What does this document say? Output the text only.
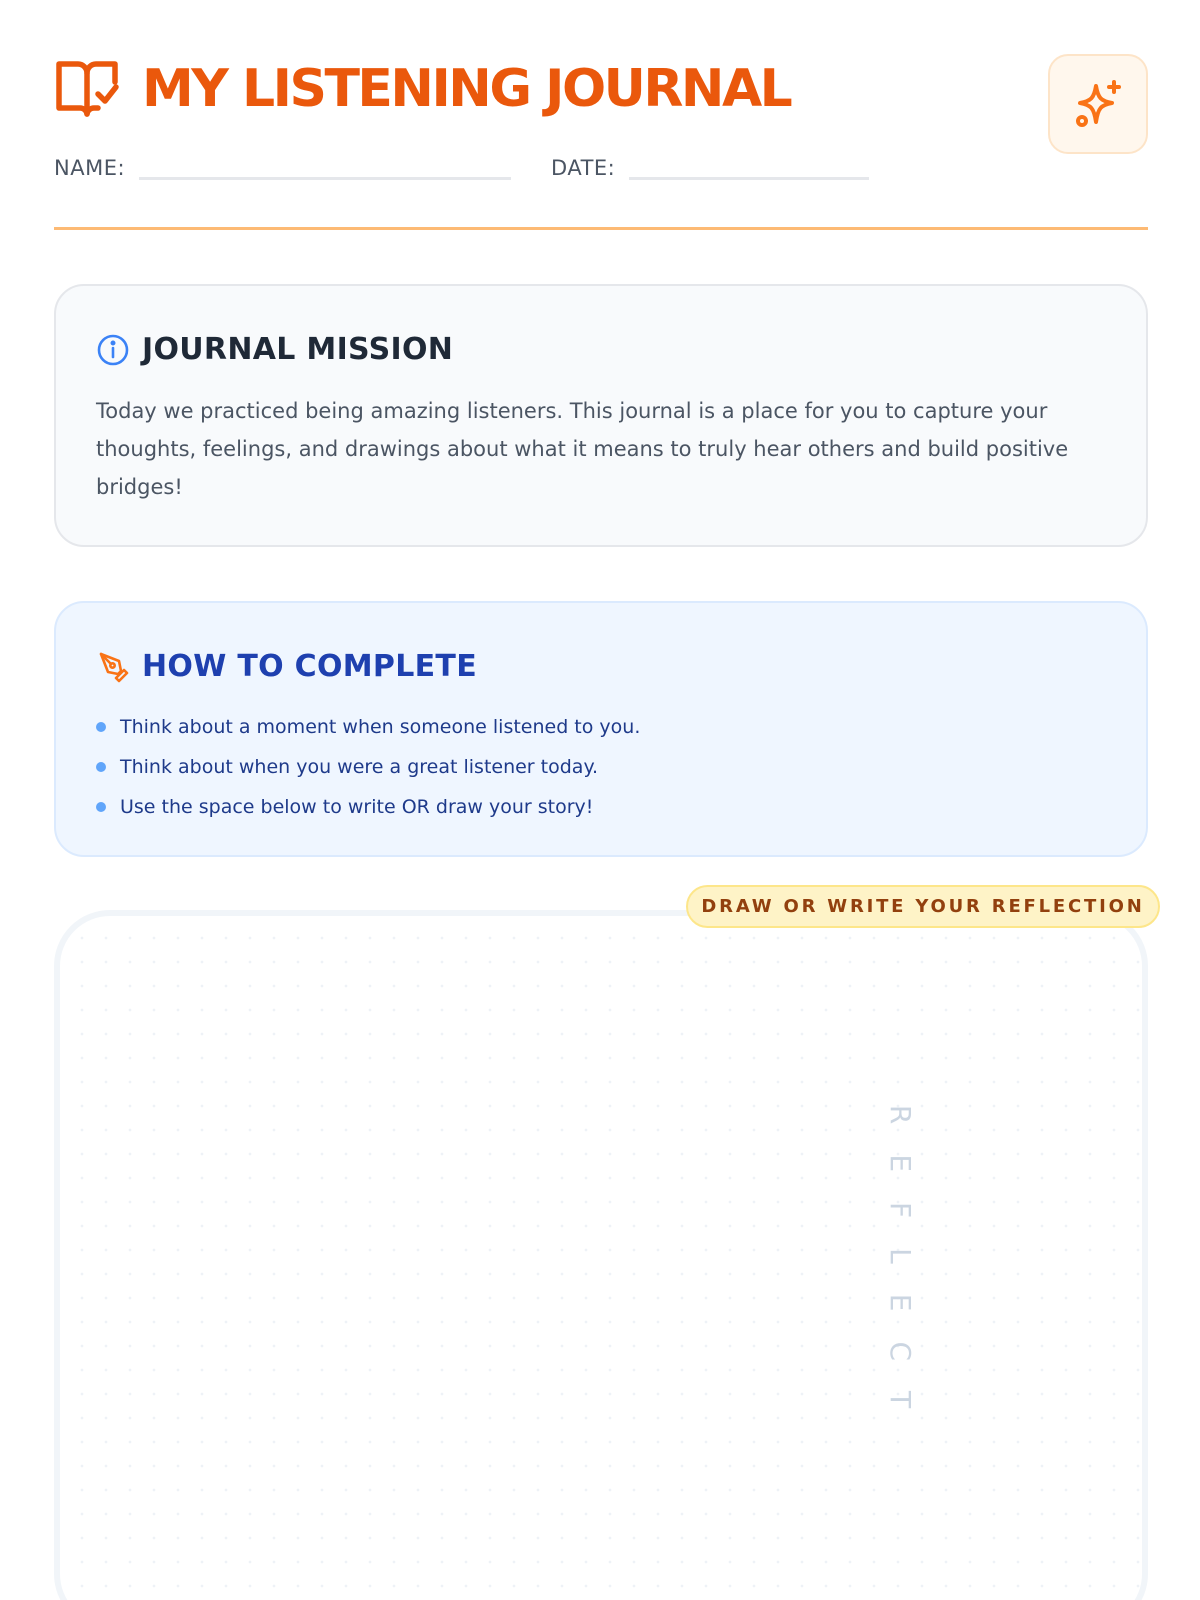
MY LISTENING JOURNAL
NAME:	DATE:
JOURNAL MISSION

Today we practiced being amazing listeners. This journal is a place for you to capture your thoughts, feelings, and drawings about what it means to truly hear others and build positive bridges!

HOW TO COMPLETE
Think about a moment when someone listened to you.
Think about when you were a great listener today.
Use the space below to write OR draw your story!
REFLECT
DRAW OR WRITE YOUR REFLECTION
